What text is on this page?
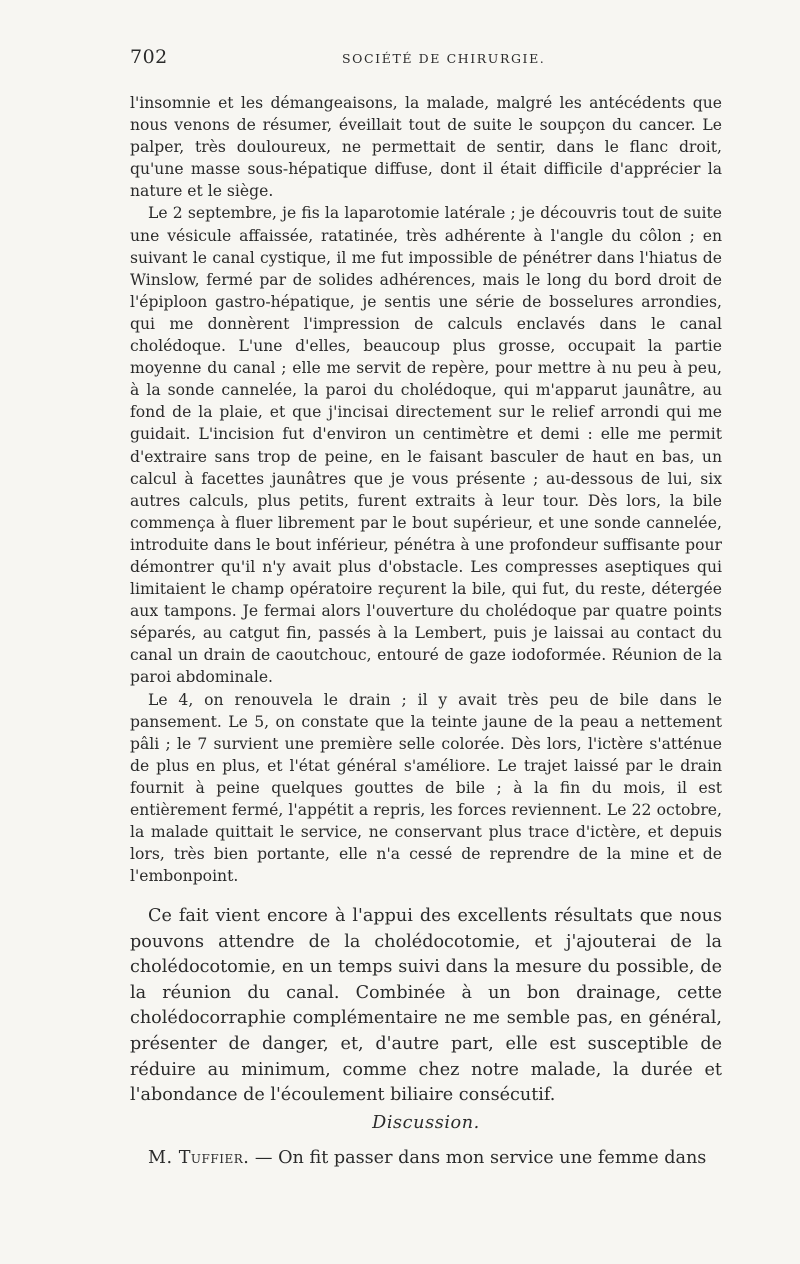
702	SOCIÉTÉ DE CHIRURGIE.

l'insomnie et les démangeaisons, la malade, malgré les antécédents que nous venons de résumer, éveillait tout de suite le soupçon du cancer. Le palper, très douloureux, ne permettait de sentir, dans le flanc droit, qu'une masse sous-hépatique diffuse, dont il était difficile d'apprécier la nature et le siège.

Le 2 septembre, je fis la laparotomie latérale ; je découvris tout de suite une vésicule affaissée, ratatinée, très adhérente à l'angle du côlon ; en suivant le canal cystique, il me fut impossible de pénétrer dans l'hiatus de Winslow, fermé par de solides adhérences, mais le long du bord droit de l'épiploon gastro-hépatique, je sentis une série de bosselures arrondies, qui me donnèrent l'impression de calculs enclavés dans le canal cholédoque. L'une d'elles, beaucoup plus grosse, occupait la partie moyenne du canal ; elle me servit de repère, pour mettre à nu peu à peu, à la sonde cannelée, la paroi du cholédoque, qui m'apparut jaunâtre, au fond de la plaie, et que j'incisai directement sur le relief arrondi qui me guidait. L'incision fut d'environ un centimètre et demi : elle me permit d'extraire sans trop de peine, en le faisant basculer de haut en bas, un calcul à facettes jaunâtres que je vous présente ; au-dessous de lui, six autres calculs, plus petits, furent extraits à leur tour. Dès lors, la bile commença à fluer librement par le bout supérieur, et une sonde cannelée, introduite dans le bout inférieur, pénétra à une profondeur suffisante pour démontrer qu'il n'y avait plus d'obstacle. Les compresses aseptiques qui limitaient le champ opératoire reçurent la bile, qui fut, du reste, détergée aux tampons. Je fermai alors l'ouverture du cholédoque par quatre points séparés, au catgut fin, passés à la Lembert, puis je laissai au contact du canal un drain de caoutchouc, entouré de gaze iodoformée. Réunion de la paroi abdominale.

Le 4, on renouvela le drain ; il y avait très peu de bile dans le pansement. Le 5, on constate que la teinte jaune de la peau a nettement pâli ; le 7 survient une première selle colorée. Dès lors, l'ictère s'atténue de plus en plus, et l'état général s'améliore. Le trajet laissé par le drain fournit à peine quelques gouttes de bile ; à la fin du mois, il est entièrement fermé, l'appétit a repris, les forces reviennent. Le 22 octobre, la malade quittait le service, ne conservant plus trace d'ictère, et depuis lors, très bien portante, elle n'a cessé de reprendre de la mine et de l'embonpoint.

Ce fait vient encore à l'appui des excellents résultats que nous pouvons attendre de la cholédocotomie, et j'ajouterai de la cholédocotomie, en un temps suivi dans la mesure du possible, de la réunion du canal. Combinée à un bon drainage, cette cholédocorraphie complémentaire ne me semble pas, en général, présenter de danger, et, d'autre part, elle est susceptible de réduire au minimum, comme chez notre malade, la durée et l'abondance de l'écoulement biliaire consécutif.

Discussion.

M. Tuffier. — On fit passer dans mon service une femme dans
